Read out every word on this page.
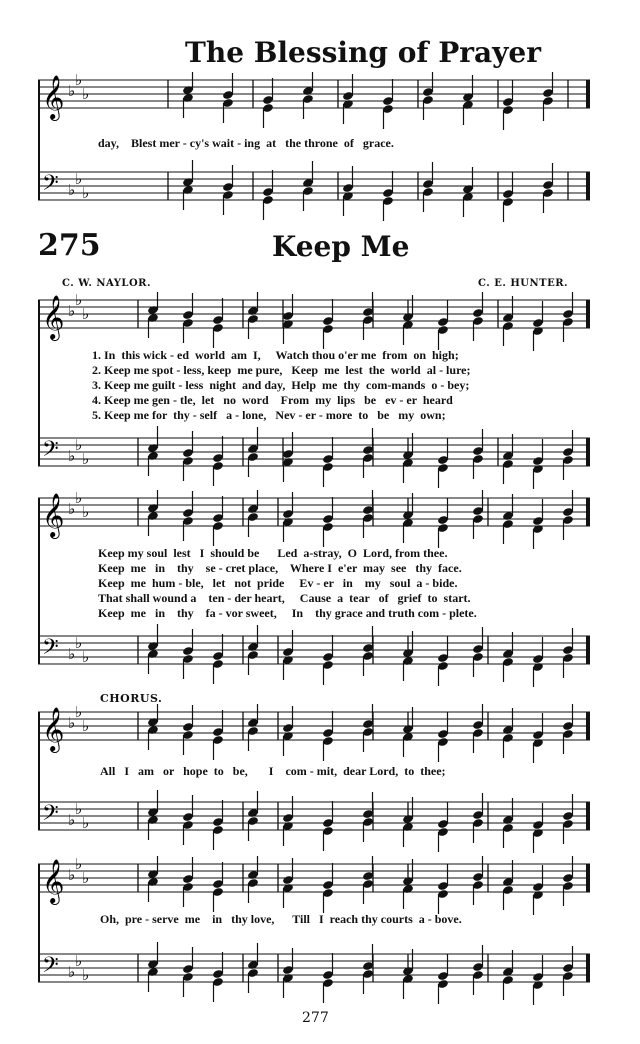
The Blessing of Prayer
𝄞
𝄢
♭
♭
♭
♭
♭
♭
day,    Blest mer - cy's wait - ing  at   the throne  of   grace.
275	Keep Me
C. W. NAYLOR.	C. E. HUNTER.
𝄞
𝄢
♭
♭
♭
♭
♭
♭
1. In  this wick - ed  world  am  I,     Watch thou o'er me  from  on  high;
2. Keep me spot - less, keep  me pure,   Keep  me  lest  the  world  al - lure;
3. Keep me guilt - less  night  and day,  Help  me  thy  com-mands  o - bey;
4. Keep me gen - tle,  let   no  word    From  my  lips   be   ev - er  heard
5. Keep me for  thy - self   a - lone,   Nev - er - more  to   be   my  own;
𝄞
𝄢
♭
♭
♭
♭
♭
♭
Keep my soul  lest   I  should be      Led  a-stray,  O  Lord, from thee.
Keep  me   in    thy    se - cret place,    Where I  e'er  may  see   thy  face.
Keep  me  hum - ble,   let   not  pride     Ev - er   in    my   soul  a - bide.
That shall wound a    ten - der heart,     Cause  a  tear   of   grief  to  start.
Keep  me   in    thy    fa - vor sweet,     In    thy grace and truth com - plete.
CHORUS.
𝄞
𝄢
♭
♭
♭
♭
♭
♭
All   I   am   or   hope  to   be,       I    com - mit,  dear Lord,  to  thee;
𝄞
𝄢
♭
♭
♭
♭
♭
♭
Oh,  pre - serve  me    in   thy love,      Till   I  reach thy courts  a - bove.
277
